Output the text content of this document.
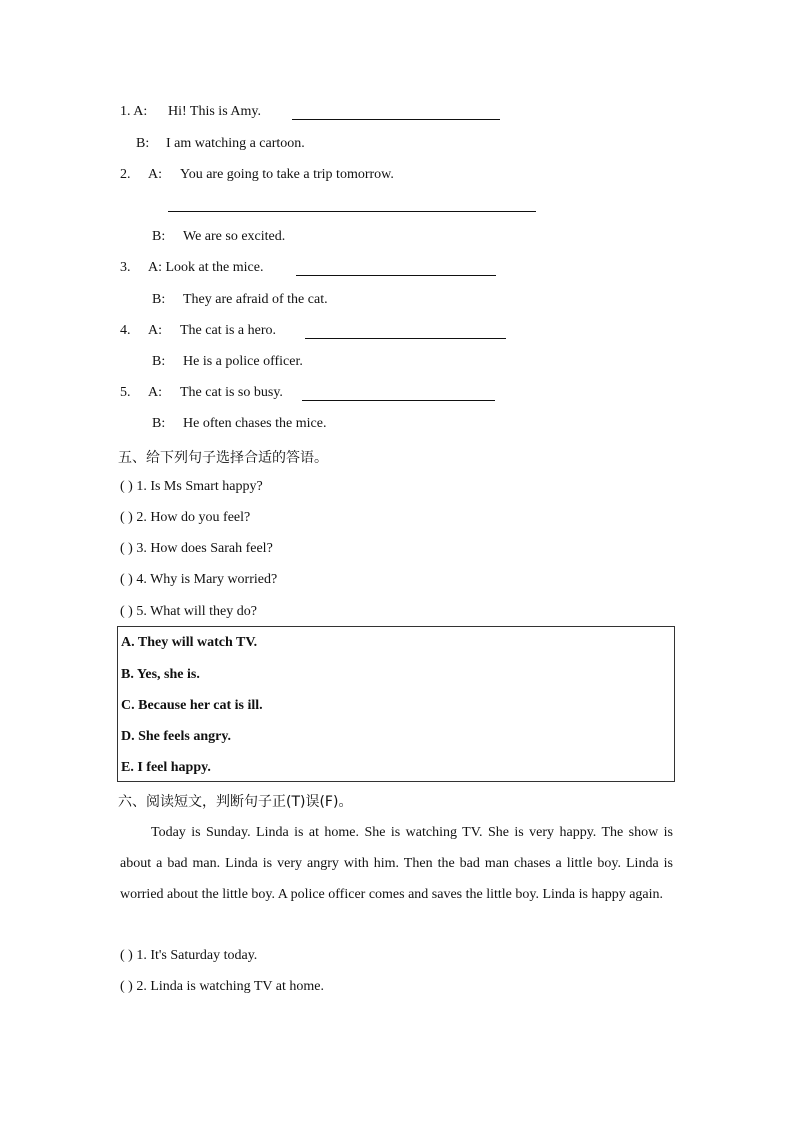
1. A: Hi! This is Amy.
B: I am watching a cartoon.
2. A: You are going to take a trip tomorrow.
B: We are so excited.
3. A: Look at the mice.
B: They are afraid of the cat.
4. A: The cat is a hero.
B: He is a police officer.
5. A: The cat is so busy.
B: He often chases the mice.
五、给下列句子选择合适的答语。
( ) 1. Is Ms Smart happy?
( ) 2. How do you feel?
( ) 3. How does Sarah feel?
( ) 4. Why is Mary worried?
( ) 5. What will they do?
A. They will watch TV.
B. Yes, she is.
C. Because her cat is ill.
D. She feels angry.
E. I feel happy.
六、阅读短文，判断句子正(T)误(F)。
Today is Sunday. Linda is at home. She is watching TV. She is very happy. The show is about a bad man. Linda is very angry with him. Then the bad man chases a little boy. Linda is worried about the little boy. A police officer comes and saves the little boy. Linda is happy again.
( ) 1. It's Saturday today.
( ) 2. Linda is watching TV at home.
